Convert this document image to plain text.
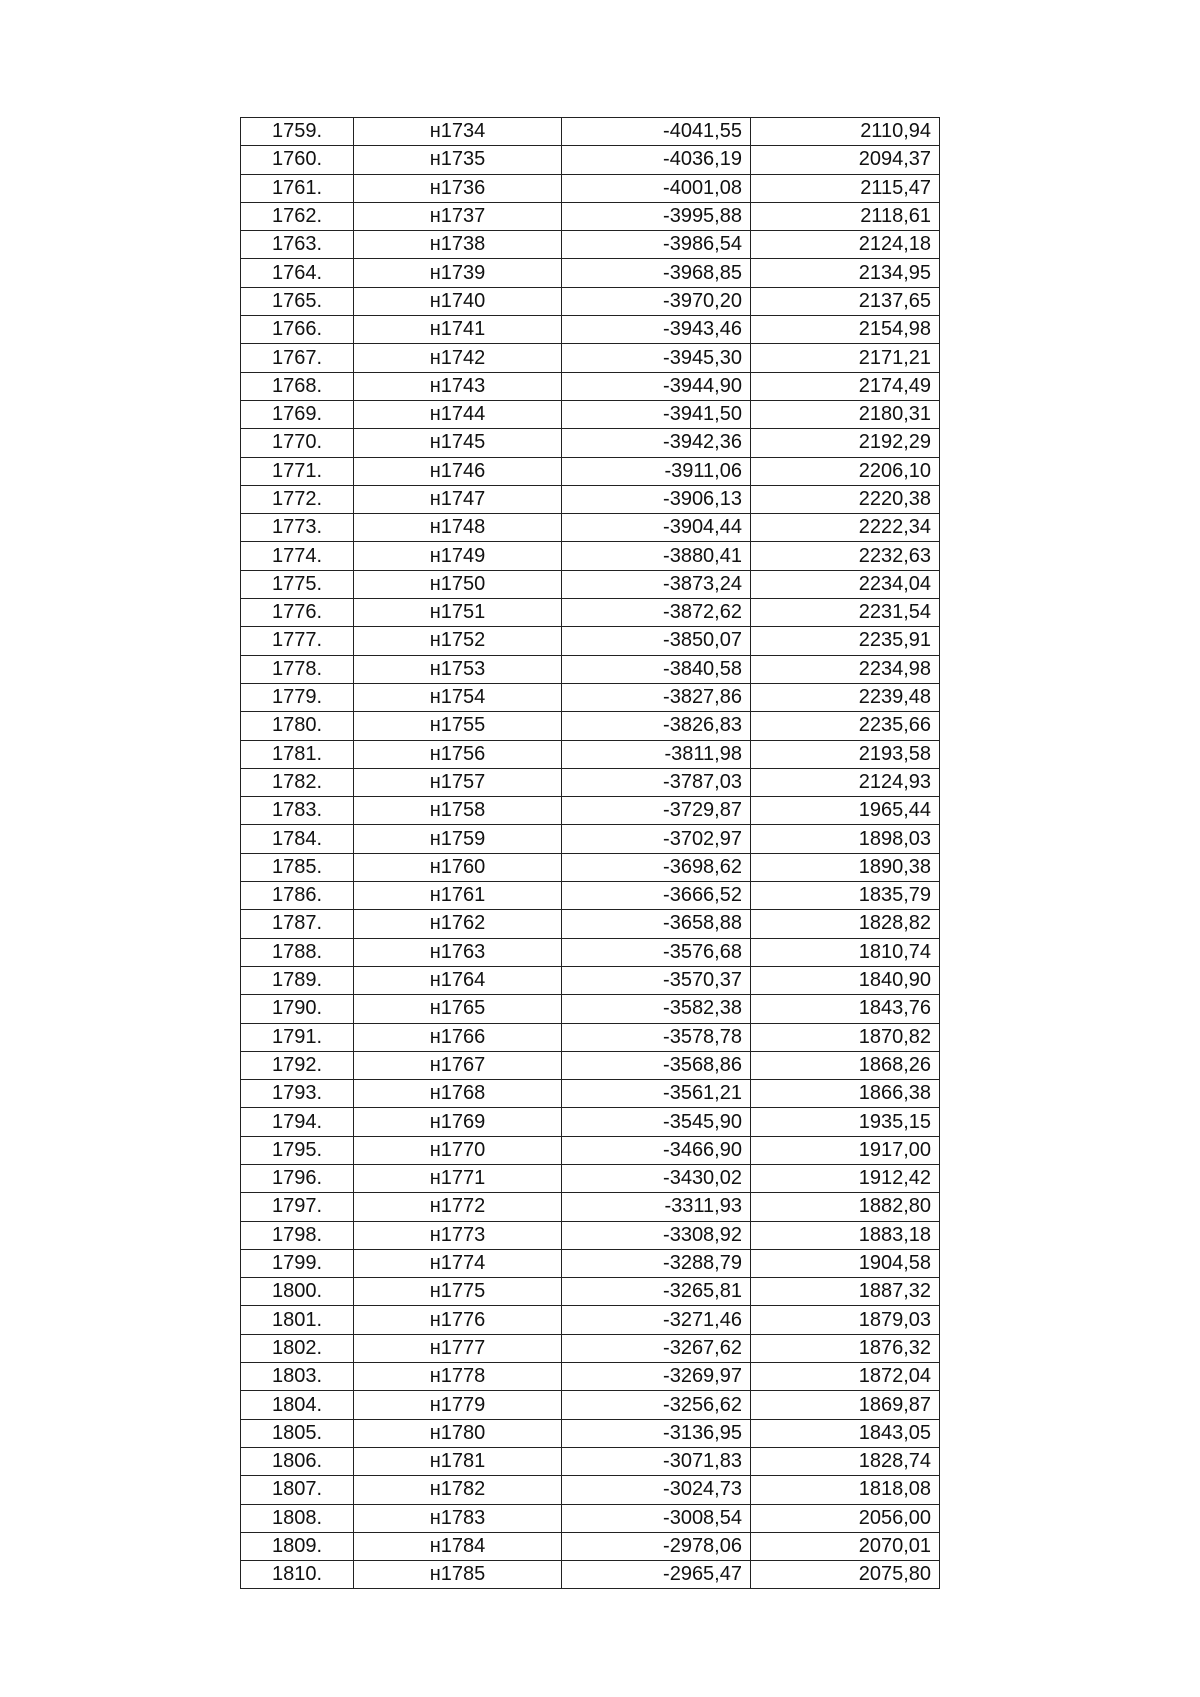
1759.	н1734	-4041,55	2110,94
1760.	н1735	-4036,19	2094,37
1761.	н1736	-4001,08	2115,47
1762.	н1737	-3995,88	2118,61
1763.	н1738	-3986,54	2124,18
1764.	н1739	-3968,85	2134,95
1765.	н1740	-3970,20	2137,65
1766.	н1741	-3943,46	2154,98
1767.	н1742	-3945,30	2171,21
1768.	н1743	-3944,90	2174,49
1769.	н1744	-3941,50	2180,31
1770.	н1745	-3942,36	2192,29
1771.	н1746	-3911,06	2206,10
1772.	н1747	-3906,13	2220,38
1773.	н1748	-3904,44	2222,34
1774.	н1749	-3880,41	2232,63
1775.	н1750	-3873,24	2234,04
1776.	н1751	-3872,62	2231,54
1777.	н1752	-3850,07	2235,91
1778.	н1753	-3840,58	2234,98
1779.	н1754	-3827,86	2239,48
1780.	н1755	-3826,83	2235,66
1781.	н1756	-3811,98	2193,58
1782.	н1757	-3787,03	2124,93
1783.	н1758	-3729,87	1965,44
1784.	н1759	-3702,97	1898,03
1785.	н1760	-3698,62	1890,38
1786.	н1761	-3666,52	1835,79
1787.	н1762	-3658,88	1828,82
1788.	н1763	-3576,68	1810,74
1789.	н1764	-3570,37	1840,90
1790.	н1765	-3582,38	1843,76
1791.	н1766	-3578,78	1870,82
1792.	н1767	-3568,86	1868,26
1793.	н1768	-3561,21	1866,38
1794.	н1769	-3545,90	1935,15
1795.	н1770	-3466,90	1917,00
1796.	н1771	-3430,02	1912,42
1797.	н1772	-3311,93	1882,80
1798.	н1773	-3308,92	1883,18
1799.	н1774	-3288,79	1904,58
1800.	н1775	-3265,81	1887,32
1801.	н1776	-3271,46	1879,03
1802.	н1777	-3267,62	1876,32
1803.	н1778	-3269,97	1872,04
1804.	н1779	-3256,62	1869,87
1805.	н1780	-3136,95	1843,05
1806.	н1781	-3071,83	1828,74
1807.	н1782	-3024,73	1818,08
1808.	н1783	-3008,54	2056,00
1809.	н1784	-2978,06	2070,01
1810.	н1785	-2965,47	2075,80
